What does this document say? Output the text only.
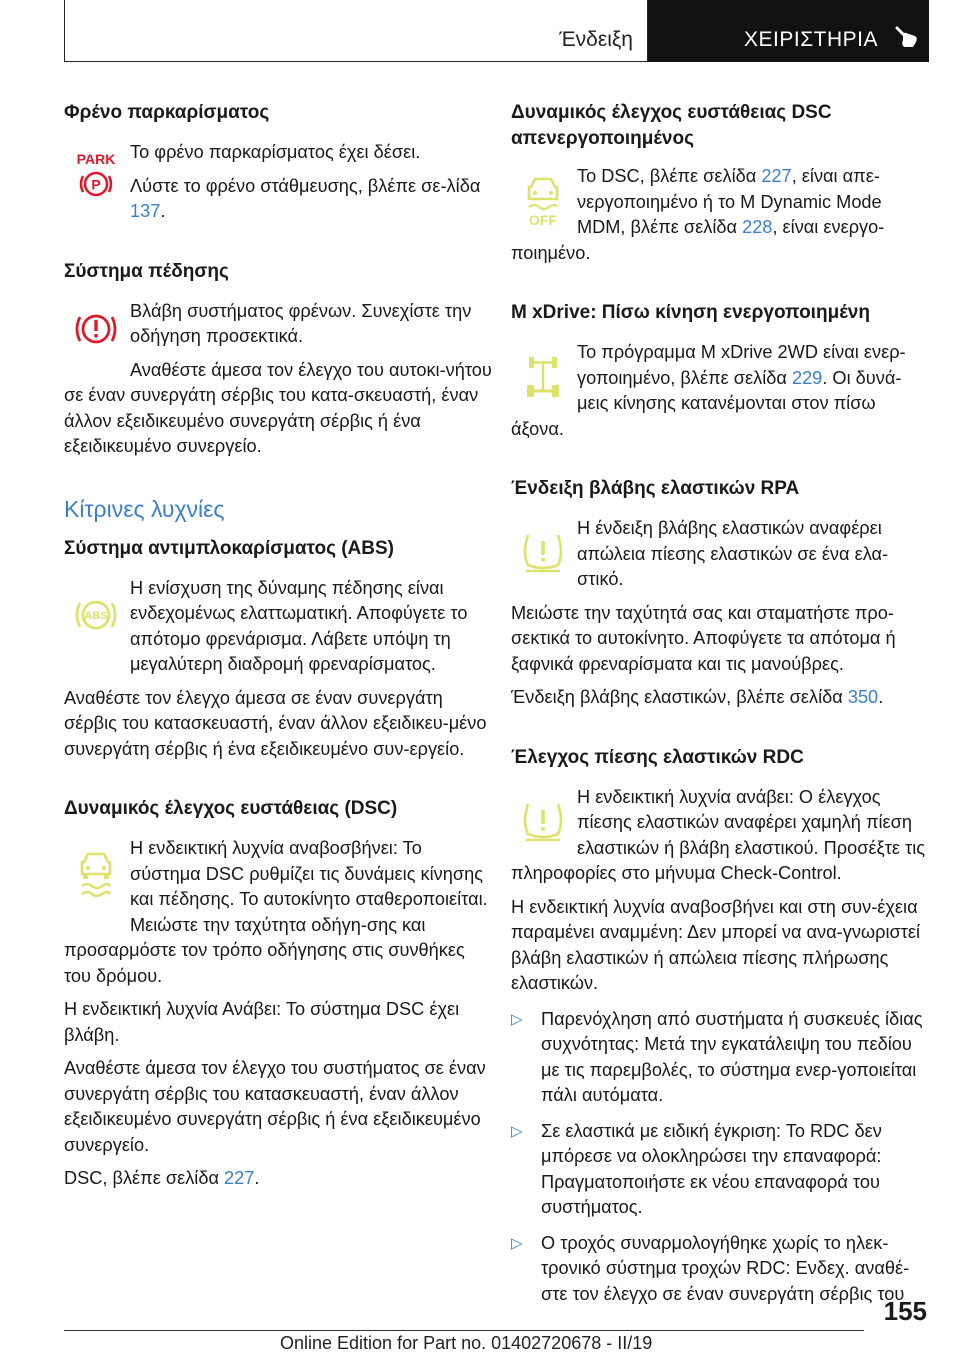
Ένδειξη	ΧΕΙΡΙΣΤΗΡΙΑ
Φρένο παρκαρίσματος
PARK
P

Το φρένο παρκαρίσματος έχει δέσει.

Λύστε το φρένο στάθμευσης, βλέπε σε-λίδα 137.

Σύστημα πέδησης

Βλάβη συστήματος φρένων. Συνεχίστε την οδήγηση προσεκτικά.

Αναθέστε άμεσα τον έλεγχο του αυτοκι-νήτου σε έναν συνεργάτη σέρβις του κατα-σκευαστή, έναν άλλον εξειδικευμένο συνεργάτη σέρβις ή ένα εξειδικευμένο συνεργείο.

Κίτρινες λυχνίες
Σύστημα αντιμπλοκαρίσματος (ABS)
ABS

Η ενίσχυση της δύναμης πέδησης είναι ενδεχομένως ελαττωματική. Αποφύγετε το απότομο φρενάρισμα. Λάβετε υπόψη τη μεγαλύτερη διαδρομή φρεναρίσματος.

Αναθέστε τον έλεγχο άμεσα σε έναν συνεργάτη σέρβις του κατασκευαστή, έναν άλλον εξειδικευ-μένο συνεργάτη σέρβις ή ένα εξειδικευμένο συν-εργείο.

Δυναμικός έλεγχος ευστάθειας (DSC)

Η ενδεικτική λυχνία αναβοσβήνει: Το σύστημα DSC ρυθμίζει τις δυνάμεις κίνησης και πέδησης. Το αυτοκίνητο σταθεροποιείται. Μειώστε την ταχύτητα οδήγη-σης και προσαρμόστε τον τρόπο οδήγησης στις συνθήκες του δρόμου.

Η ενδεικτική λυχνία Ανάβει: Το σύστημα DSC έχει βλάβη.

Αναθέστε άμεσα τον έλεγχο του συστήματος σε έναν συνεργάτη σέρβις του κατασκευαστή, έναν άλλον εξειδικευμένο συνεργάτη σέρβις ή ένα εξειδικευμένο συνεργείο.

DSC, βλέπε σελίδα 227.

Δυναμικός έλεγχος ευστάθειας DSC απενεργοποιημένος
OFF

Το DSC, βλέπε σελίδα 227, είναι απε-νεργοποιημένο ή το M Dynamic Mode MDM, βλέπε σελίδα 228, είναι ενεργο-ποιημένο.

M xDrive: Πίσω κίνηση ενεργοποιημένη

Το πρόγραμμα M xDrive 2WD είναι ενερ-γοποιημένο, βλέπε σελίδα 229. Οι δυνά-μεις κίνησης κατανέμονται στον πίσω άξονα.

Ένδειξη βλάβης ελαστικών RPA

Η ένδειξη βλάβης ελαστικών αναφέρει απώλεια πίεσης ελαστικών σε ένα ελα-στικό.

Μειώστε την ταχύτητά σας και σταματήστε προ-σεκτικά το αυτοκίνητο. Αποφύγετε τα απότομα ή ξαφνικά φρεναρίσματα και τις μανούβρες.

Ένδειξη βλάβης ελαστικών, βλέπε σελίδα 350.

Έλεγχος πίεσης ελαστικών RDC

Η ενδεικτική λυχνία ανάβει: Ο έλεγχος πίεσης ελαστικών αναφέρει χαμηλή πίεση ελαστικών ή βλάβη ελαστικού. Προσέξτε τις πληροφορίες στο μήνυμα Check-Control.

Η ενδεικτική λυχνία αναβοσβήνει και στη συν-έχεια παραμένει αναμμένη: Δεν μπορεί να ανα-γνωριστεί βλάβη ελαστικών ή απώλεια πίεσης πλήρωσης ελαστικών.

▷ Παρενόχληση από συστήματα ή συσκευές ίδιας συχνότητας: Μετά την εγκατάλειψη του πεδίου με τις παρεμβολές, το σύστημα ενερ-γοποιείται πάλι αυτόματα.
▷ Σε ελαστικά με ειδική έγκριση: Το RDC δεν μπόρεσε να ολοκληρώσει την επαναφορά: Πραγματοποιήστε εκ νέου επαναφορά του συστήματος.
▷ Ο τροχός συναρμολογήθηκε χωρίς το ηλεκ-τρονικό σύστημα τροχών RDC: Ενδεχ. αναθέ-στε τον έλεγχο σε έναν συνεργάτη σέρβις του
155
Online Edition for Part no. 01402720678 - II/19
